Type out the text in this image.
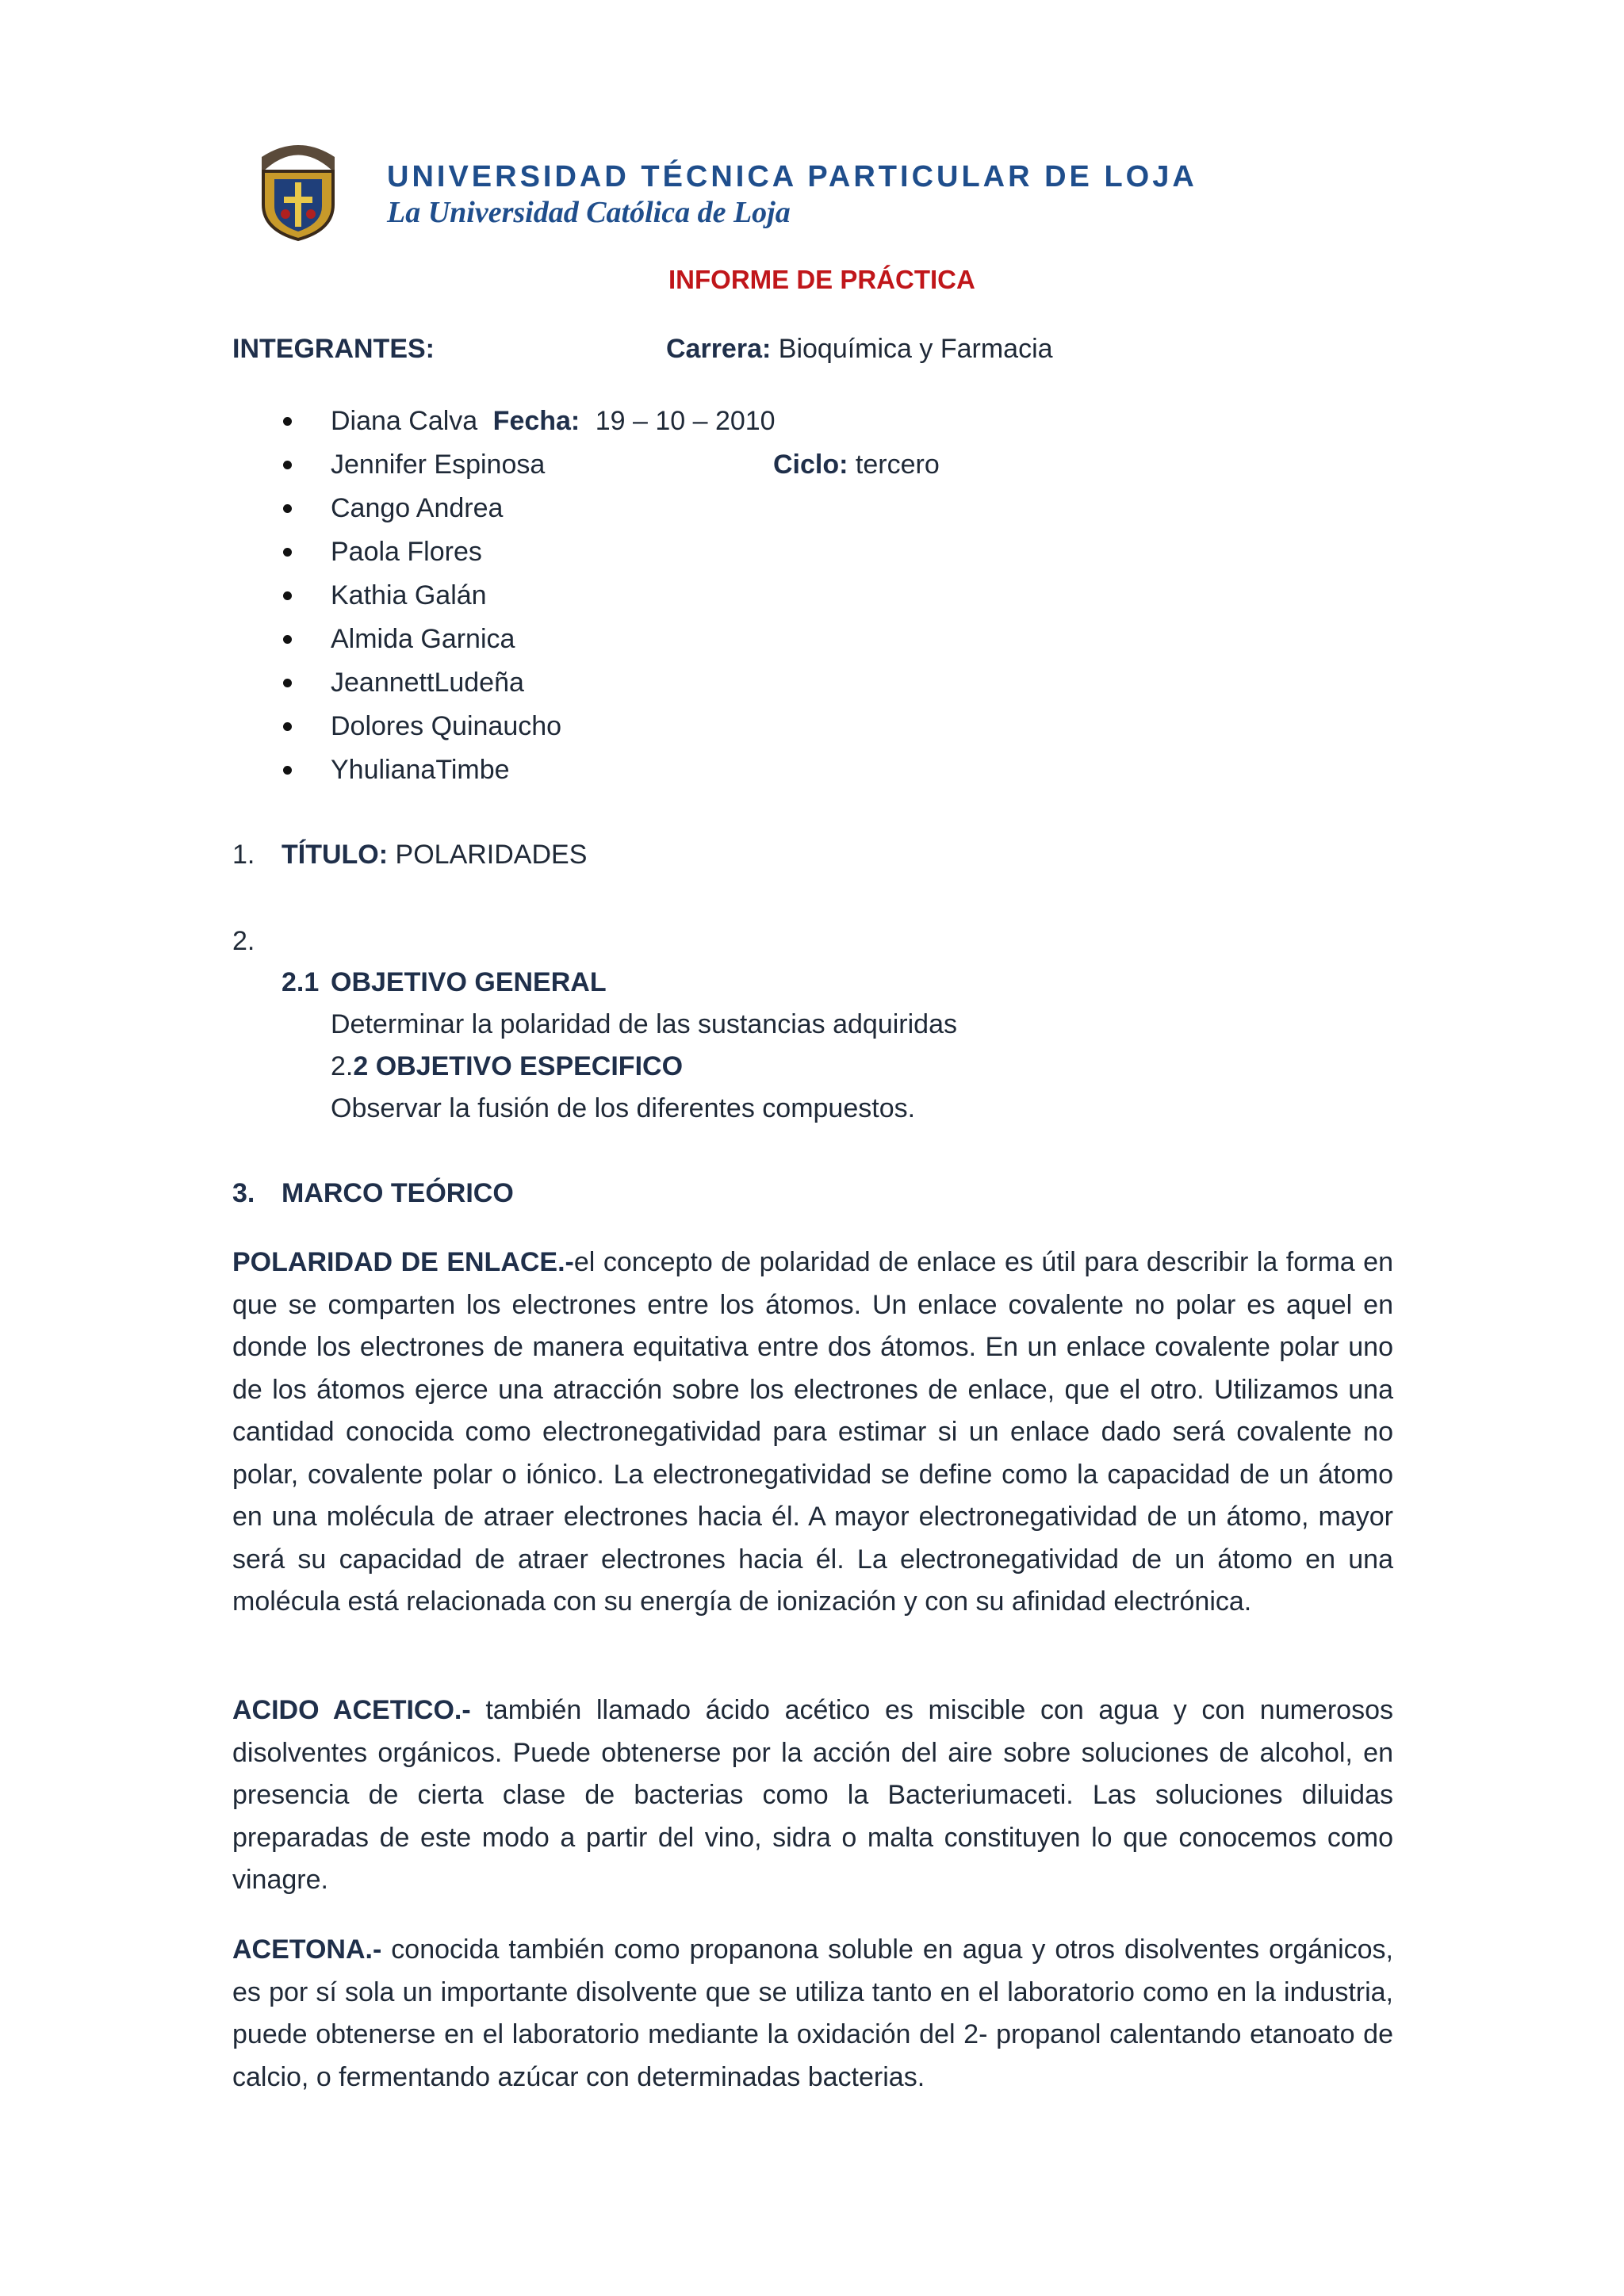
UNIVERSIDAD TÉCNICA PARTICULAR DE LOJA
La Universidad Católica de Loja
INFORME DE PRÁCTICA
INTEGRANTES:	Carrera: Bioquímica y Farmacia
Diana Calva Fecha: 19 – 10 – 2010
Jennifer Espinosa	Ciclo: tercero
Cango Andrea
Paola Flores
Kathia Galán
Almida Garnica
JeannettLudeña
Dolores Quinaucho
YhulianaTimbe
1. TÍTULO: POLARIDADES
2.
2.1 OBJETIVO GENERAL
Determinar la polaridad de las sustancias adquiridas
2.2 OBJETIVO ESPECIFICO
Observar la fusión de los diferentes compuestos.
3. MARCO TEÓRICO
POLARIDAD DE ENLACE.-el concepto de polaridad de enlace es útil para describir la forma en que se comparten los electrones entre los átomos. Un enlace covalente no polar es aquel en donde los electrones de manera equitativa entre dos átomos. En un enlace covalente polar uno de los átomos ejerce una atracción sobre los electrones de enlace, que el otro. Utilizamos una cantidad conocida como electronegatividad para estimar si un enlace dado será covalente no polar, covalente polar o iónico. La electronegatividad se define como la capacidad de un átomo en una molécula de atraer electrones hacia él. A mayor electronegatividad de un átomo, mayor será su capacidad de atraer electrones hacia él. La electronegatividad de un átomo en una molécula está relacionada con su energía de ionización y con su afinidad electrónica.
ACIDO ACETICO.- también llamado ácido acético es miscible con agua y con numerosos disolventes orgánicos. Puede obtenerse por la acción del aire sobre soluciones de alcohol, en presencia de cierta clase de bacterias como la Bacteriumaceti. Las soluciones diluidas preparadas de este modo a partir del vino, sidra o malta constituyen lo que conocemos como vinagre.
ACETONA.- conocida también como propanona soluble en agua y otros disolventes orgánicos, es por sí sola un importante disolvente que se utiliza tanto en el laboratorio como en la industria, puede obtenerse en el laboratorio mediante la oxidación del 2- propanol calentando etanoato de calcio, o fermentando azúcar con determinadas bacterias.
